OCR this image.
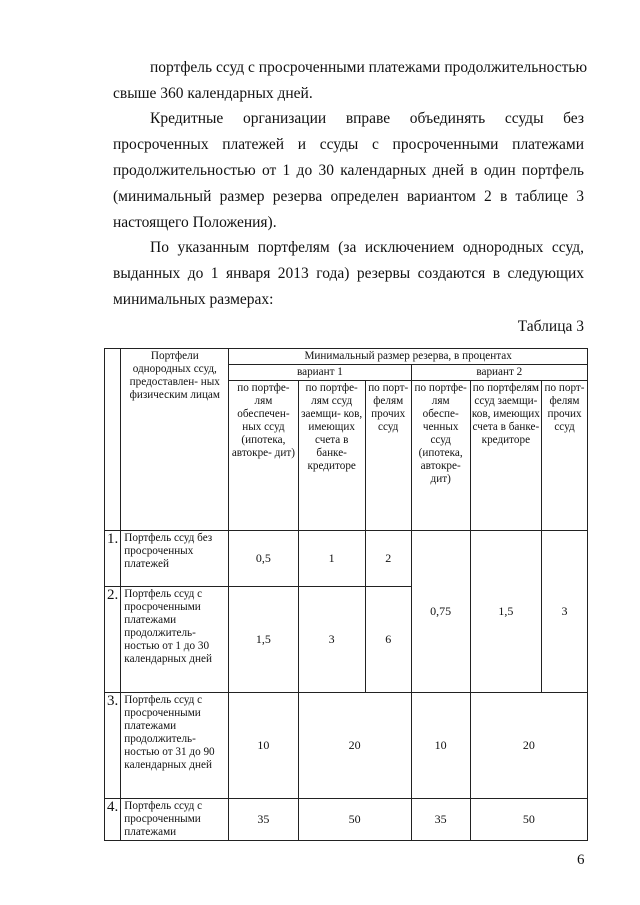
портфель ссуд с просроченными платежами продолжительностью
свыше 360 календарных дней.
Кредитные организации вправе объединять ссуды без
просроченных платежей и ссуды с просроченными платежами
продолжительностью от 1 до 30 календарных дней в один портфель
(минимальный размер резерва определен вариантом 2 в таблице 3
настоящего Положения).
По указанным портфелям (за исключением однородных ссуд,
выданных до 1 января 2013 года) резервы создаются в следующих
минимальных размерах:
Таблица 3
	Портфели однородных ссуд, предоставлен- ных физическим лицам	Минимальный размер резерва, в процентах					
		вариант 1			вариант 2		
		по портфе- лям обеспечен- ных ссуд (ипотека, автокре- дит)	по портфе- лям ссуд заемщи- ков, имеющих счета в банке- кредиторе	по порт- фелям прочих ссуд	по портфе- лям обеспе- ченных ссуд (ипотека, автокре- дит)	по портфелям ссуд заемщи- ков, имеющих счета в банке- кредиторе	по порт- фелям прочих ссуд
1.	Портфель ссуд без просроченных платежей	0,5	1	2	0,75	1,5	3
2.	Портфель ссуд с просроченными платежами продолжитель- ностью от 1 до 30 календарных дней	1,5	3	6			
3.	Портфель ссуд с просроченными платежами продолжитель- ностью от 31 до 90 календарных дней	10	20		10	20	
4.	Портфель ссуд с просроченными платежами	35	50		35	50	
6
